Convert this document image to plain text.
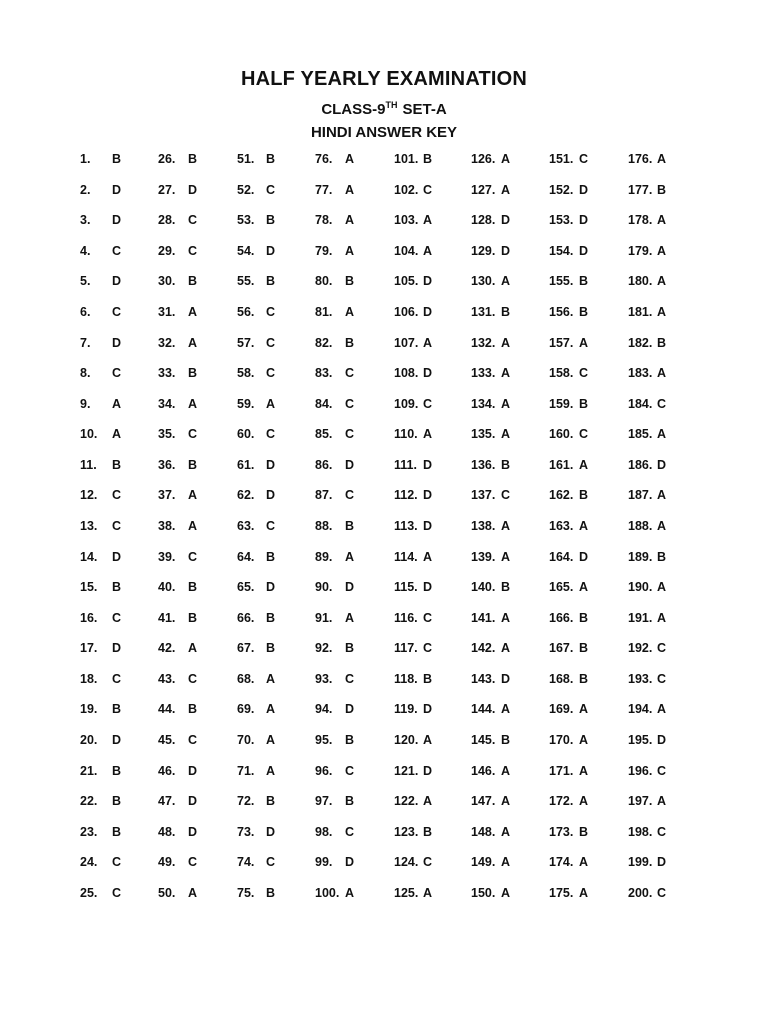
HALF YEARLY EXAMINATION
CLASS-9TH SET-A
HINDI ANSWER KEY
1. B
2. D
3. D
4. C
5. D
6. C
7. D
8. C
9. A
10. A
11. B
12. C
13. C
14. D
15. B
16. C
17. D
18. C
19. B
20. D
21. B
22. B
23. B
24. C
25. C
26. B
27. D
28. C
29. C
30. B
31. A
32. A
33. B
34. A
35. C
36. B
37. A
38. A
39. C
40. B
41. B
42. A
43. C
44. B
45. C
46. D
47. D
48. D
49. C
50. A
51. B
52. C
53. B
54. D
55. B
56. C
57. C
58. C
59. A
60. C
61. D
62. D
63. C
64. B
65. D
66. B
67. B
68. A
69. A
70. A
71. A
72. B
73. D
74. C
75. B
76. A
77. A
78. A
79. A
80. B
81. A
82. B
83. C
84. C
85. C
86. D
87. C
88. B
89. A
90. D
91. A
92. B
93. C
94. D
95. B
96. C
97. B
98. C
99. D
100. A
101. B
102. C
103. A
104. A
105. D
106. D
107. A
108. D
109. C
110. A
111. D
112. D
113. D
114. A
115. D
116. C
117. C
118. B
119. D
120. A
121. D
122. A
123. B
124. C
125. A
126. A
127. A
128. D
129. D
130. A
131. B
132. A
133. A
134. A
135. A
136. B
137. C
138. A
139. A
140. B
141. A
142. A
143. D
144. A
145. B
146. A
147. A
148. A
149. A
150. A
151. C
152. D
153. D
154. D
155. B
156. B
157. A
158. C
159. B
160. C
161. A
162. B
163. A
164. D
165. A
166. B
167. B
168. B
169. A
170. A
171. A
172. A
173. B
174. A
175. A
176. A
177. B
178. A
179. A
180. A
181. A
182. B
183. A
184. C
185. A
186. D
187. A
188. A
189. B
190. A
191. A
192. C
193. C
194. A
195. D
196. C
197. A
198. C
199. D
200. C
